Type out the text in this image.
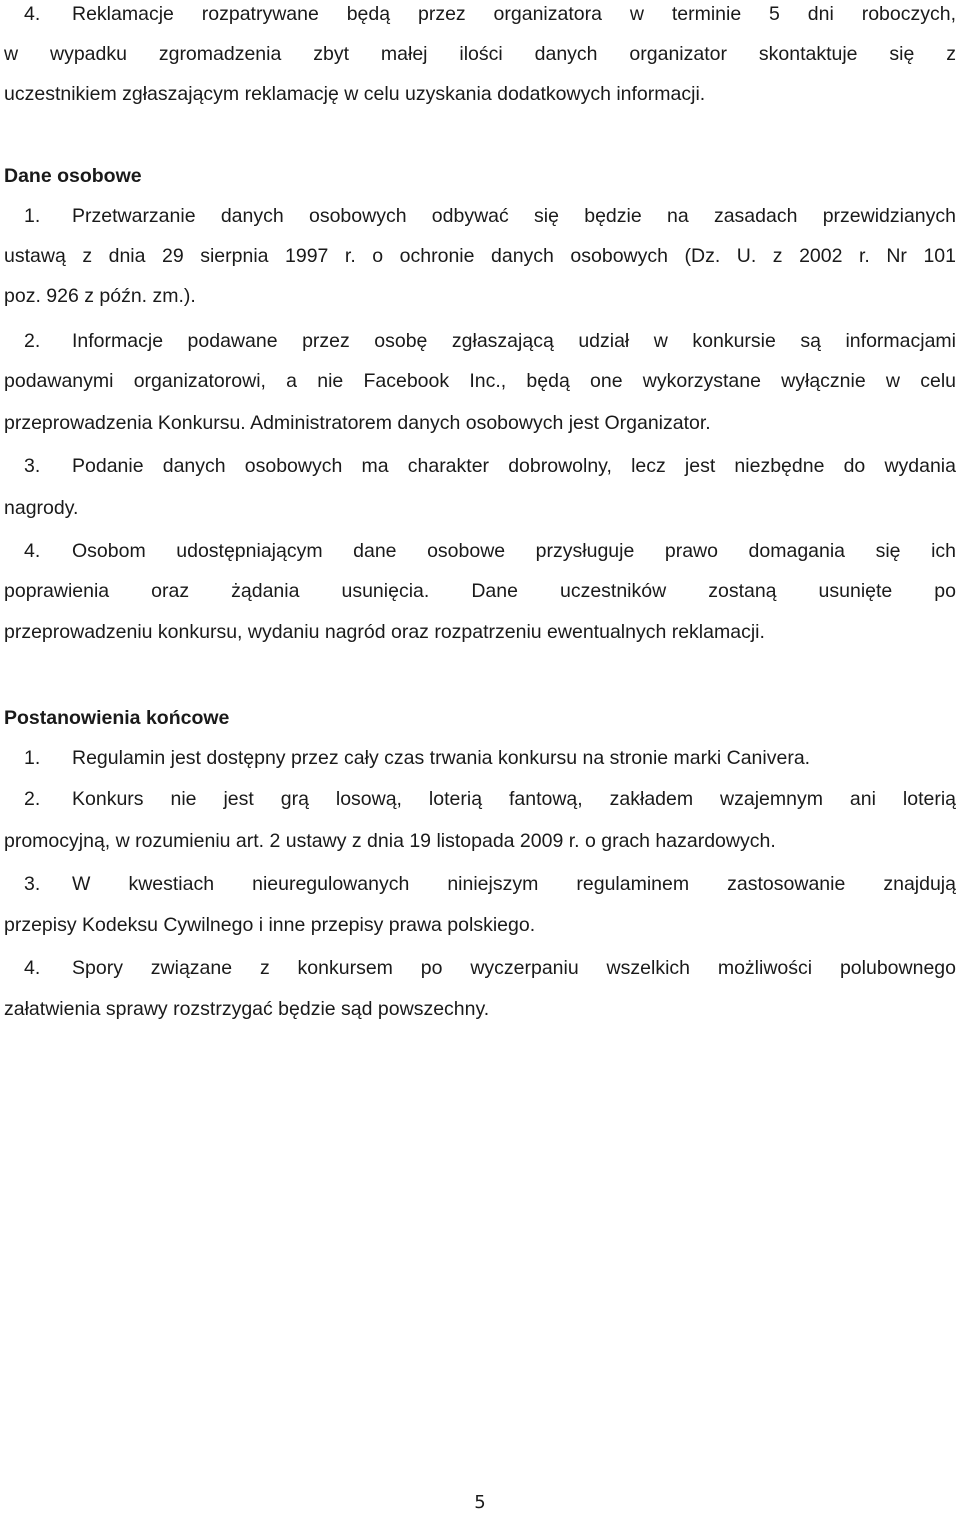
4. Reklamacje rozpatrywane będą przez organizatora w terminie 5 dni roboczych,
w wypadku zgromadzenia zbyt małej ilości danych organizator skontaktuje się z
uczestnikiem zgłaszającym reklamację w celu uzyskania dodatkowych informacji.
Dane osobowe
1. Przetwarzanie danych osobowych odbywać się będzie na zasadach przewidzianych
ustawą z dnia 29 sierpnia 1997 r. o ochronie danych osobowych (Dz. U. z 2002 r. Nr 101
poz. 926 z późn. zm.).
2. Informacje podawane przez osobę zgłaszającą udział w konkursie są informacjami
podawanymi organizatorowi, a nie Facebook Inc., będą one wykorzystane wyłącznie w celu
przeprowadzenia Konkursu. Administratorem danych osobowych jest Organizator.
3. Podanie danych osobowych ma charakter dobrowolny, lecz jest niezbędne do wydania
nagrody.
4. Osobom udostępniającym dane osobowe przysługuje prawo domagania się ich
poprawienia oraz żądania usunięcia. Dane uczestników zostaną usunięte po
przeprowadzeniu konkursu, wydaniu nagród oraz rozpatrzeniu ewentualnych reklamacji.
Postanowienia końcowe
1. Regulamin jest dostępny przez cały czas trwania konkursu na stronie marki Canivera.
2. Konkurs nie jest grą losową, loterią fantową, zakładem wzajemnym ani loterią
promocyjną, w rozumieniu art. 2 ustawy z dnia 19 listopada 2009 r. o grach hazardowych.
3. W kwestiach nieuregulowanych niniejszym regulaminem zastosowanie znajdują
przepisy Kodeksu Cywilnego i inne przepisy prawa polskiego.
4. Spory związane z konkursem po wyczerpaniu wszelkich możliwości polubownego
załatwienia sprawy rozstrzygać będzie sąd powszechny.
5
